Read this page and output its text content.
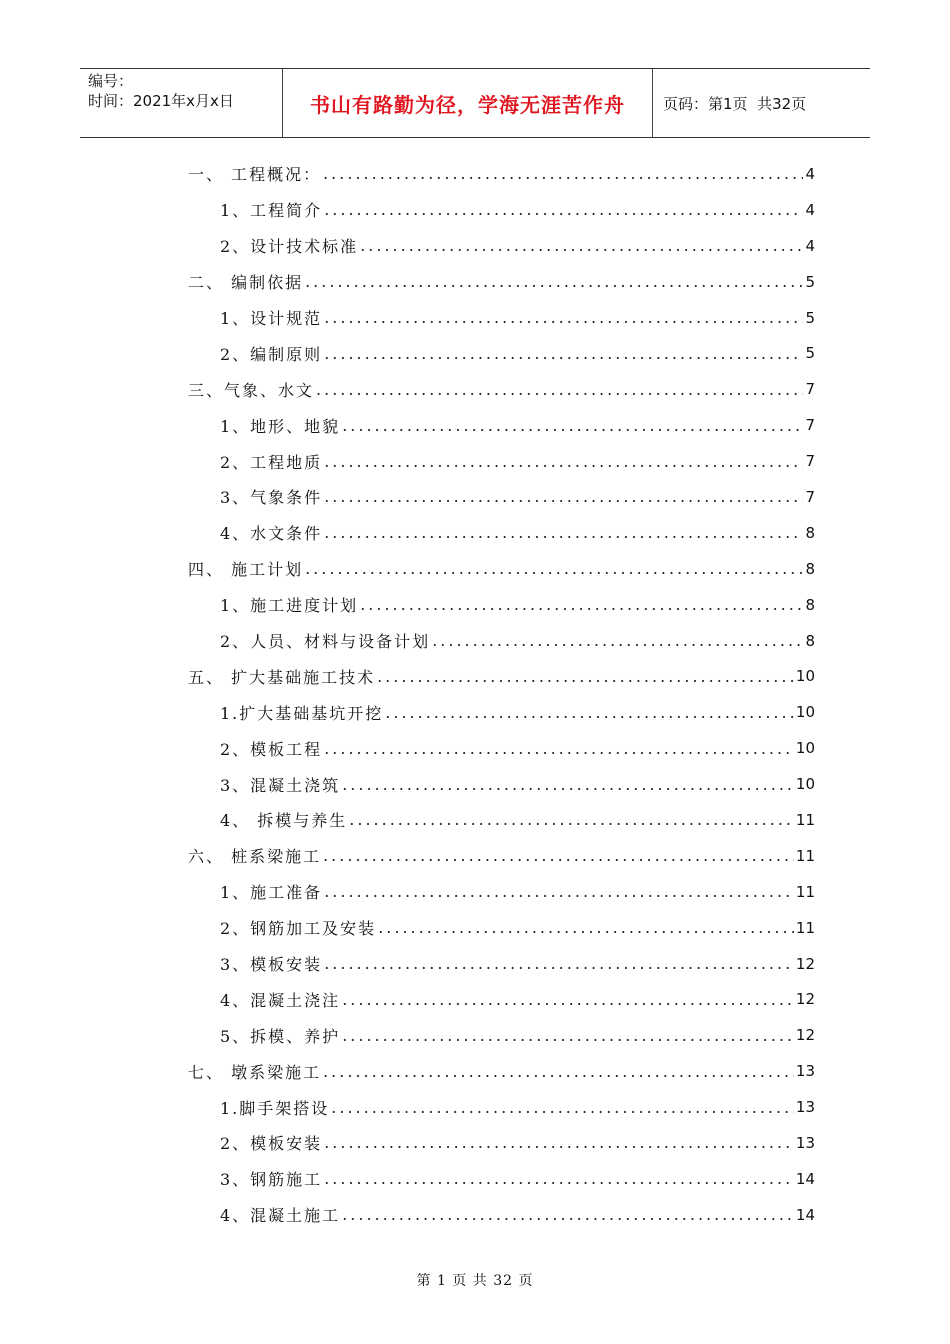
编号：
时间：2021年x月x日	书山有路勤为径，学海无涯苦作舟	页码：第1页  共32页
一、 工程概况： .....	4
1、工程简介 .....	4
2、设计技术标准 .....	4
二、 编制依据 .....	5
1、设计规范 .....	5
2、编制原则 .....	5
三、气象、水文 .....	7
1、地形、地貌 .....	7
2、工程地质 .....	7
3、气象条件 .....	7
4、水文条件 .....	8
四、 施工计划 .....	8
1、施工进度计划 .....	8
2、人员、材料与设备计划 .....	8
五、 扩大基础施工技术 .....	10
1.扩大基础基坑开挖 .....	10
2、模板工程 .....	10
3、混凝土浇筑 .....	10
4、 拆模与养生 .....	11
六、 桩系梁施工 .....	11
1、施工准备 .....	11
2、钢筋加工及安装 .....	11
3、模板安装 .....	12
4、混凝土浇注 .....	12
5、拆模、养护 .....	12
七、 墩系梁施工 .....	13
1.脚手架搭设 .....	13
2、模板安装 .....	13
3、钢筋施工 .....	14
4、混凝土施工 .....	14
第 1 页 共 32 页
